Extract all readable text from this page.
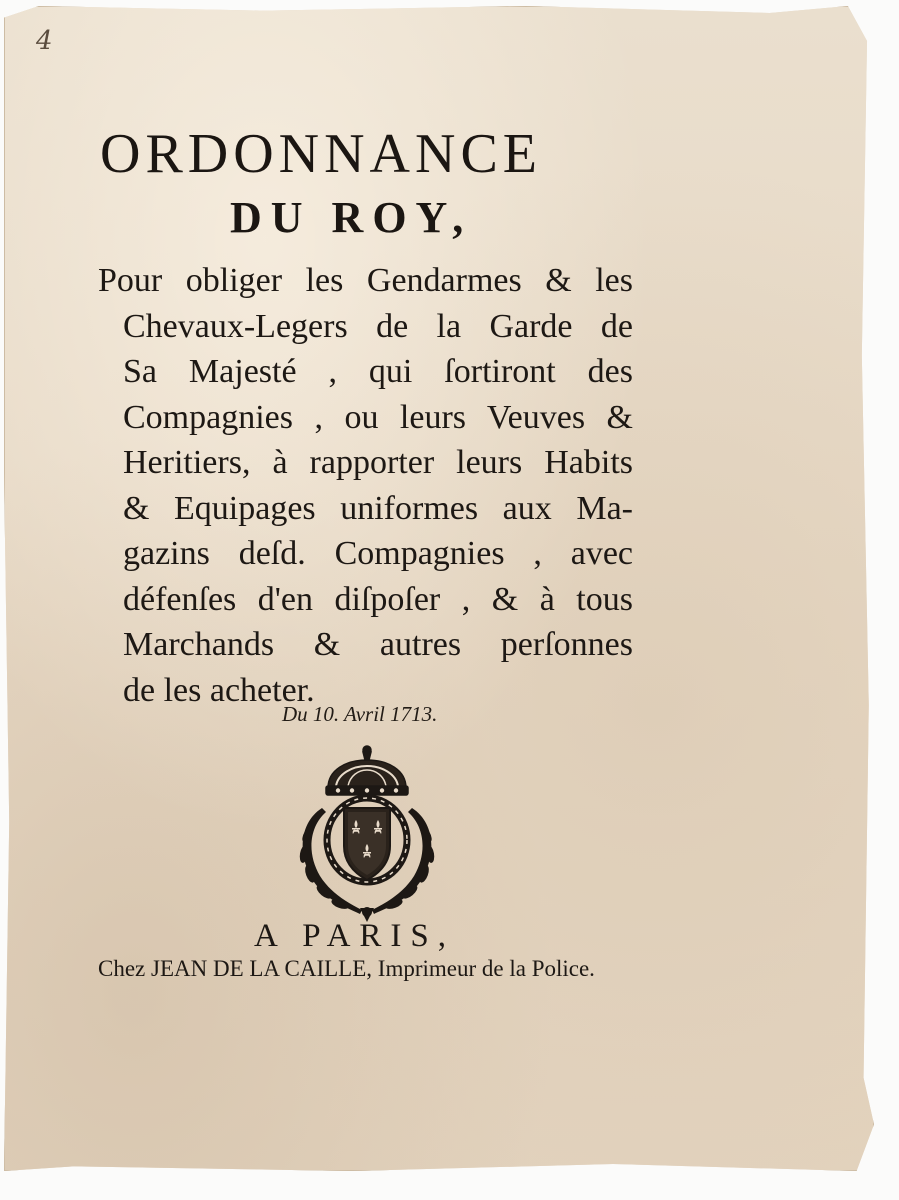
4
ORDONNANCE
DU ROY,

Pour obliger les Gendarmes & les
Chevaux-Legers de la Garde de
Sa Majesté , qui ſortiront des
Compagnies , ou leurs Veuves &
Heritiers, à rapporter leurs Habits
& Equipages uniformes aux Ma-
gazins deſd. Compagnies , avec
défenſes d'en diſpoſer , & à tous
Marchands & autres perſonnes
de les acheter.

Du 10. Avril 1713.
A PARIS,
Chez JEAN DE LA CAILLE, Imprimeur de la Police.
